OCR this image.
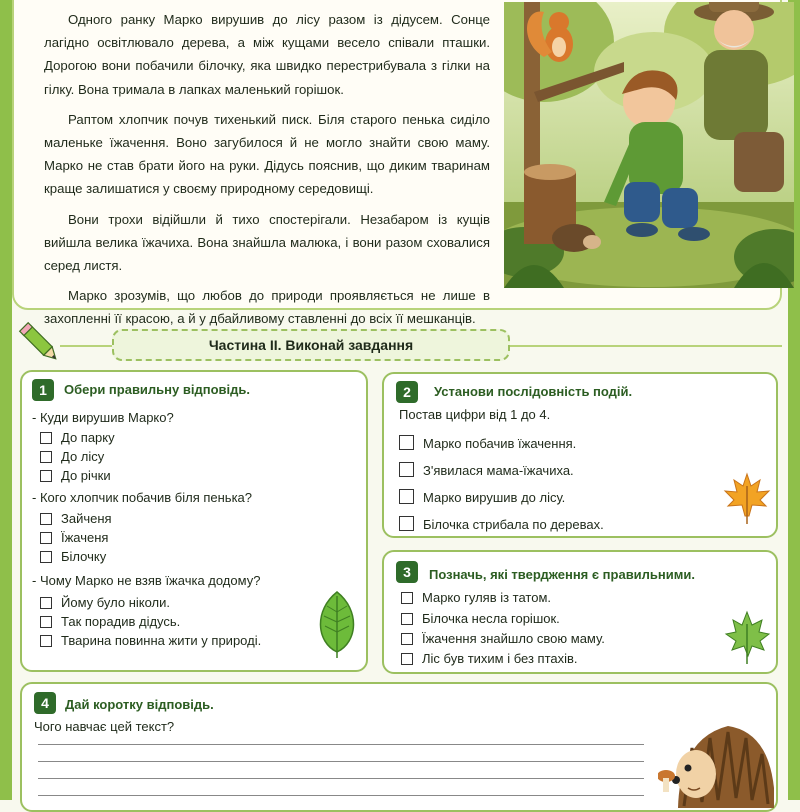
Одного ранку Марко вирушив до лісу разом із дідусем. Сонце лагідно освітлювало дерева, а між кущами весело співали пташки. Дорогою вони побачили білочку, яка швидко перестрибувала з гілки на гілку. Вона тримала в лапках маленький горішок.

Раптом хлопчик почув тихенький писк. Біля старого пенька сиділо маленьке їжачення. Воно загубилося й не могло знайти свою маму. Марко не став брати його на руки. Дідусь пояснив, що диким тваринам краще залишатися у своєму природному середовищі.

Вони трохи відійшли й тихо спостерігали. Незабаром із кущів вийшла велика їжачиха. Вона знайшла малюка, і вони разом сховалися серед листя.

Марко зрозумів, що любов до природи проявляється не лише в захопленні її красою, а й у дбайливому ставленні до всіх її мешканців.

Частина II. Виконай завдання
1	Обери правильну відповідь.
- Куди вирушив Марко?
До парку
До лісу
До річки
- Кого хлопчик побачив біля пенька?
Зайченя
Їжаченя
Білочку
- Чому Марко не взяв їжачка додому?
Йому було ніколи.
Так порадив дідусь.
Тварина повинна жити у природі.
2	Установи послідовність подій.
Постав цифри від 1 до 4.
Марко побачив їжачення.
З'явилася мама-їжачиха.
Марко вирушив до лісу.
Білочка стрибала по деревах.
3	Позначь, які твердження є правильними.
Марко гуляв із татом.
Білочка несла горішок.
Їжачення знайшло свою маму.
Ліс був тихим і без птахів.
4	Дай коротку відповідь.
Чого навчає цей текст?
